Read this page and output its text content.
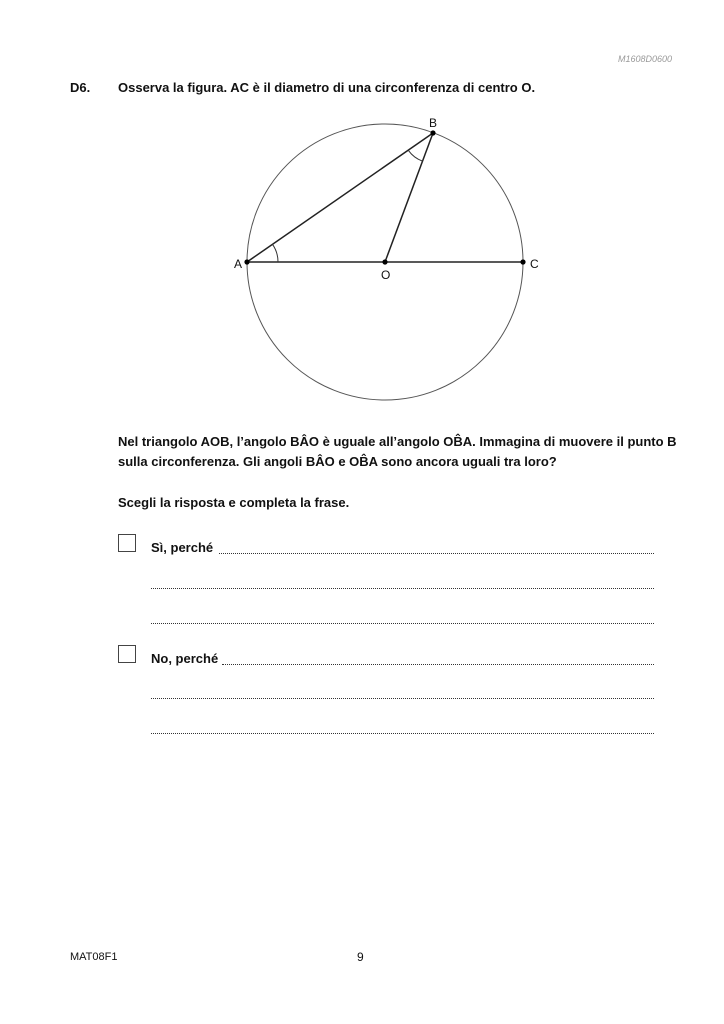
M1608D0600
D6. Osserva la figura. AC è il diametro di una circonferenza di centro O.
A
B
C
O
Nel triangolo AOB, l’angolo BÂO è uguale all’angolo OB̂A. Immagina di muovere il punto B sulla circonferenza. Gli angoli BÂO e OB̂A sono ancora uguali tra loro?
Scegli la risposta e completa la frase.
Sì, perché
No, perché
MAT08F1	9
